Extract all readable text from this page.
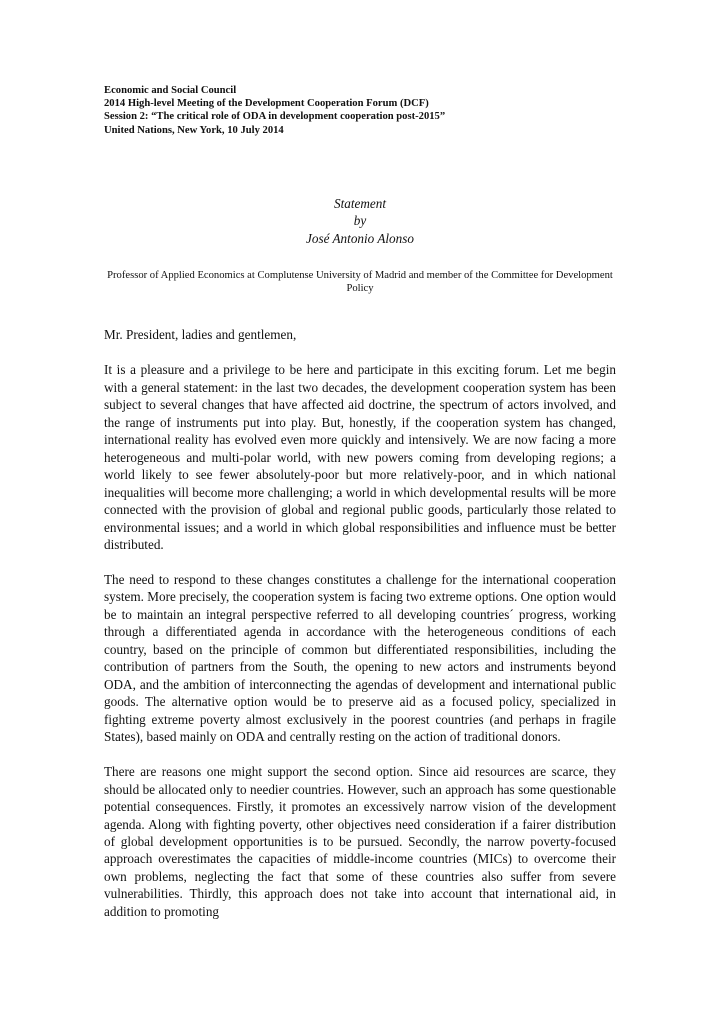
Economic and Social Council
2014 High-level Meeting of the Development Cooperation Forum (DCF)
Session 2: “The critical role of ODA in development cooperation post-2015”
United Nations, New York, 10 July 2014
Statement
by
José Antonio Alonso
Professor of Applied Economics at Complutense University of Madrid and member of the Committee for Development Policy
Mr. President, ladies and gentlemen,

It is a pleasure and a privilege to be here and participate in this exciting forum. Let me begin with a general statement: in the last two decades, the development cooperation system has been subject to several changes that have affected aid doctrine, the spectrum of actors involved, and the range of instruments put into play. But, honestly, if the cooperation system has changed, international reality has evolved even more quickly and intensively. We are now facing a more heterogeneous and multi-polar world, with new powers coming from developing regions; a world likely to see fewer absolutely-poor but more relatively-poor, and in which national inequalities will become more challenging; a world in which developmental results will be more connected with the provision of global and regional public goods, particularly those related to environmental issues; and a world in which global responsibilities and influence must be better distributed.

The need to respond to these changes constitutes a challenge for the international cooperation system. More precisely, the cooperation system is facing two extreme options. One option would be to maintain an integral perspective referred to all developing countries´ progress, working through a differentiated agenda in accordance with the heterogeneous conditions of each country, based on the principle of common but differentiated responsibilities, including the contribution of partners from the South, the opening to new actors and instruments beyond ODA, and the ambition of interconnecting the agendas of development and international public goods. The alternative option would be to preserve aid as a focused policy, specialized in fighting extreme poverty almost exclusively in the poorest countries (and perhaps in fragile States), based mainly on ODA and centrally resting on the action of traditional donors.

There are reasons one might support the second option. Since aid resources are scarce, they should be allocated only to needier countries. However, such an approach has some questionable potential consequences. Firstly, it promotes an excessively narrow vision of the development agenda. Along with fighting poverty, other objectives need consideration if a fairer distribution of global development opportunities is to be pursued. Secondly, the narrow poverty-focused approach overestimates the capacities of middle-income countries (MICs) to overcome their own problems, neglecting the fact that some of these countries also suffer from severe vulnerabilities. Thirdly, this approach does not take into account that international aid, in addition to promoting
